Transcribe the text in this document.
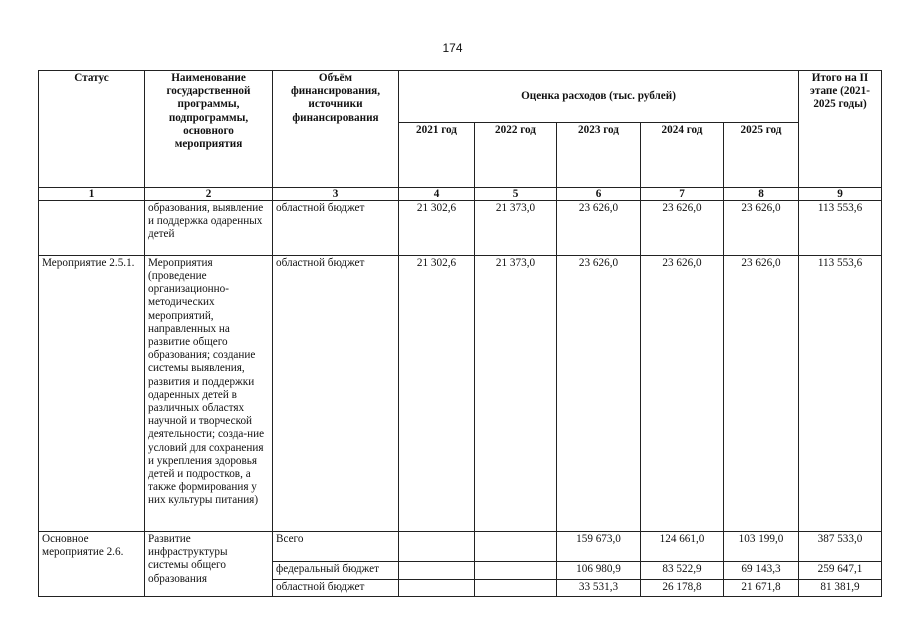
174
Статус	Наименование государственной программы, подпрограммы, основного мероприятия	Объём финансирования, источники финансирования	Оценка расходов (тыс. рублей)					Итого на II этапе (2021-2025 годы)
			2021 год	2022 год	2023 год	2024 год	2025 год	
1	2	3	4	5	6	7	8	9
	образования, выявление и поддержка одаренных детей	областной бюджет	21 302,6	21 373,0	23 626,0	23 626,0	23 626,0	113 553,6
Мероприятие 2.5.1.	Мероприятия (проведение организационно-методических мероприятий, направленных на развитие общего образования; создание системы выявления, развития и поддержки одаренных детей в различных областях научной и творческой деятельности; созда-ние условий для сохранения и укрепления здоровья детей и подростков, а также формирования у них культуры питания)	областной бюджет	21 302,6	21 373,0	23 626,0	23 626,0	23 626,0	113 553,6
Основное мероприятие 2.6.	Развитие инфраструктуры системы общего образования	Всего			159 673,0	124 661,0	103 199,0	387 533,0
		федеральный бюджет			106 980,9	83 522,9	69 143,3	259 647,1
		областной бюджет			33 531,3	26 178,8	21 671,8	81 381,9
